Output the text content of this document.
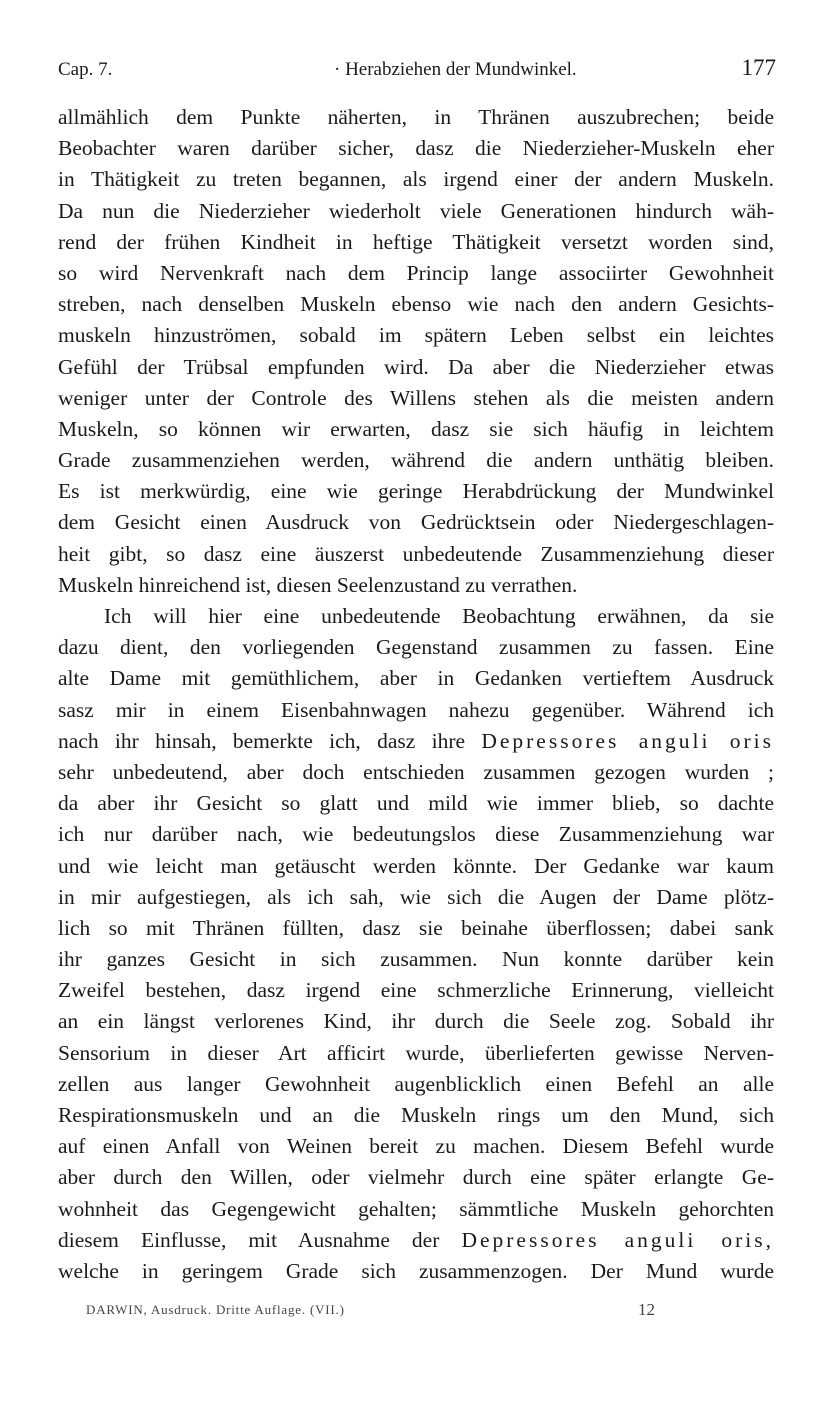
Cap. 7.	· Herabziehen der Mundwinkel.	177
allmählich dem Punkte näherten, in Thränen auszubrechen; beide
Beobachter waren darüber sicher, dasz die Niederzieher-Muskeln eher
in Thätigkeit zu treten begannen, als irgend einer der andern Muskeln.
Da nun die Niederzieher wiederholt viele Generationen hindurch wäh-
rend der frühen Kindheit in heftige Thätigkeit versetzt worden sind,
so wird Nervenkraft nach dem Princip lange associirter Gewohnheit
streben, nach denselben Muskeln ebenso wie nach den andern Gesichts-
muskeln hinzuströmen, sobald im spätern Leben selbst ein leichtes
Gefühl der Trübsal empfunden wird. Da aber die Niederzieher etwas
weniger unter der Controle des Willens stehen als die meisten andern
Muskeln, so können wir erwarten, dasz sie sich häufig in leichtem
Grade zusammenziehen werden, während die andern unthätig bleiben.
Es ist merkwürdig, eine wie geringe Herabdrückung der Mundwinkel
dem Gesicht einen Ausdruck von Gedrücktsein oder Niedergeschlagen-
heit gibt, so dasz eine äuszerst unbedeutende Zusammenziehung dieser
Muskeln hinreichend ist, diesen Seelenzustand zu verrathen.
Ich will hier eine unbedeutende Beobachtung erwähnen, da sie
dazu dient, den vorliegenden Gegenstand zusammen zu fassen. Eine
alte Dame mit gemüthlichem, aber in Gedanken vertieftem Ausdruck
sasz mir in einem Eisenbahnwagen nahezu gegenüber. Während ich
nach ihr hinsah, bemerkte ich, dasz ihre Depressores anguli oris
sehr unbedeutend, aber doch entschieden zusammen gezogen wurden ;
da aber ihr Gesicht so glatt und mild wie immer blieb, so dachte
ich nur darüber nach, wie bedeutungslos diese Zusammenziehung war
und wie leicht man getäuscht werden könnte. Der Gedanke war kaum
in mir aufgestiegen, als ich sah, wie sich die Augen der Dame plötz-
lich so mit Thränen füllten, dasz sie beinahe überflossen; dabei sank
ihr ganzes Gesicht in sich zusammen. Nun konnte darüber kein
Zweifel bestehen, dasz irgend eine schmerzliche Erinnerung, vielleicht
an ein längst verlorenes Kind, ihr durch die Seele zog. Sobald ihr
Sensorium in dieser Art afficirt wurde, überlieferten gewisse Nerven-
zellen aus langer Gewohnheit augenblicklich einen Befehl an alle
Respirationsmuskeln und an die Muskeln rings um den Mund, sich
auf einen Anfall von Weinen bereit zu machen. Diesem Befehl wurde
aber durch den Willen, oder vielmehr durch eine später erlangte Ge-
wohnheit das Gegengewicht gehalten; sämmtliche Muskeln gehorchten
diesem Einflusse, mit Ausnahme der Depressores anguli oris,
welche in geringem Grade sich zusammenzogen. Der Mund wurde
DARWIN, Ausdruck. Dritte Auflage. (VII.)	12
